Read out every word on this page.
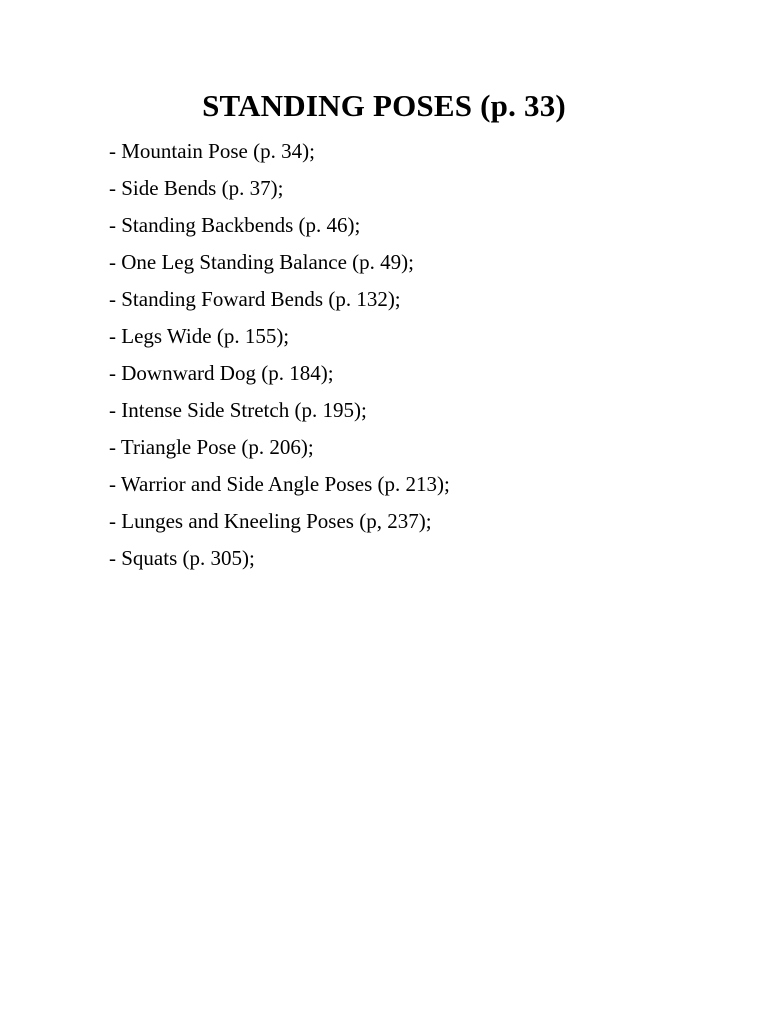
STANDING POSES (p. 33)
- Mountain Pose (p. 34);
- Side Bends (p. 37);
- Standing Backbends (p. 46);
- One Leg Standing Balance (p. 49);
- Standing Foward Bends (p. 132);
- Legs Wide (p. 155);
- Downward Dog (p. 184);
- Intense Side Stretch (p. 195);
- Triangle Pose (p. 206);
- Warrior and Side Angle Poses (p. 213);
- Lunges and Kneeling Poses (p, 237);
- Squats (p. 305);
